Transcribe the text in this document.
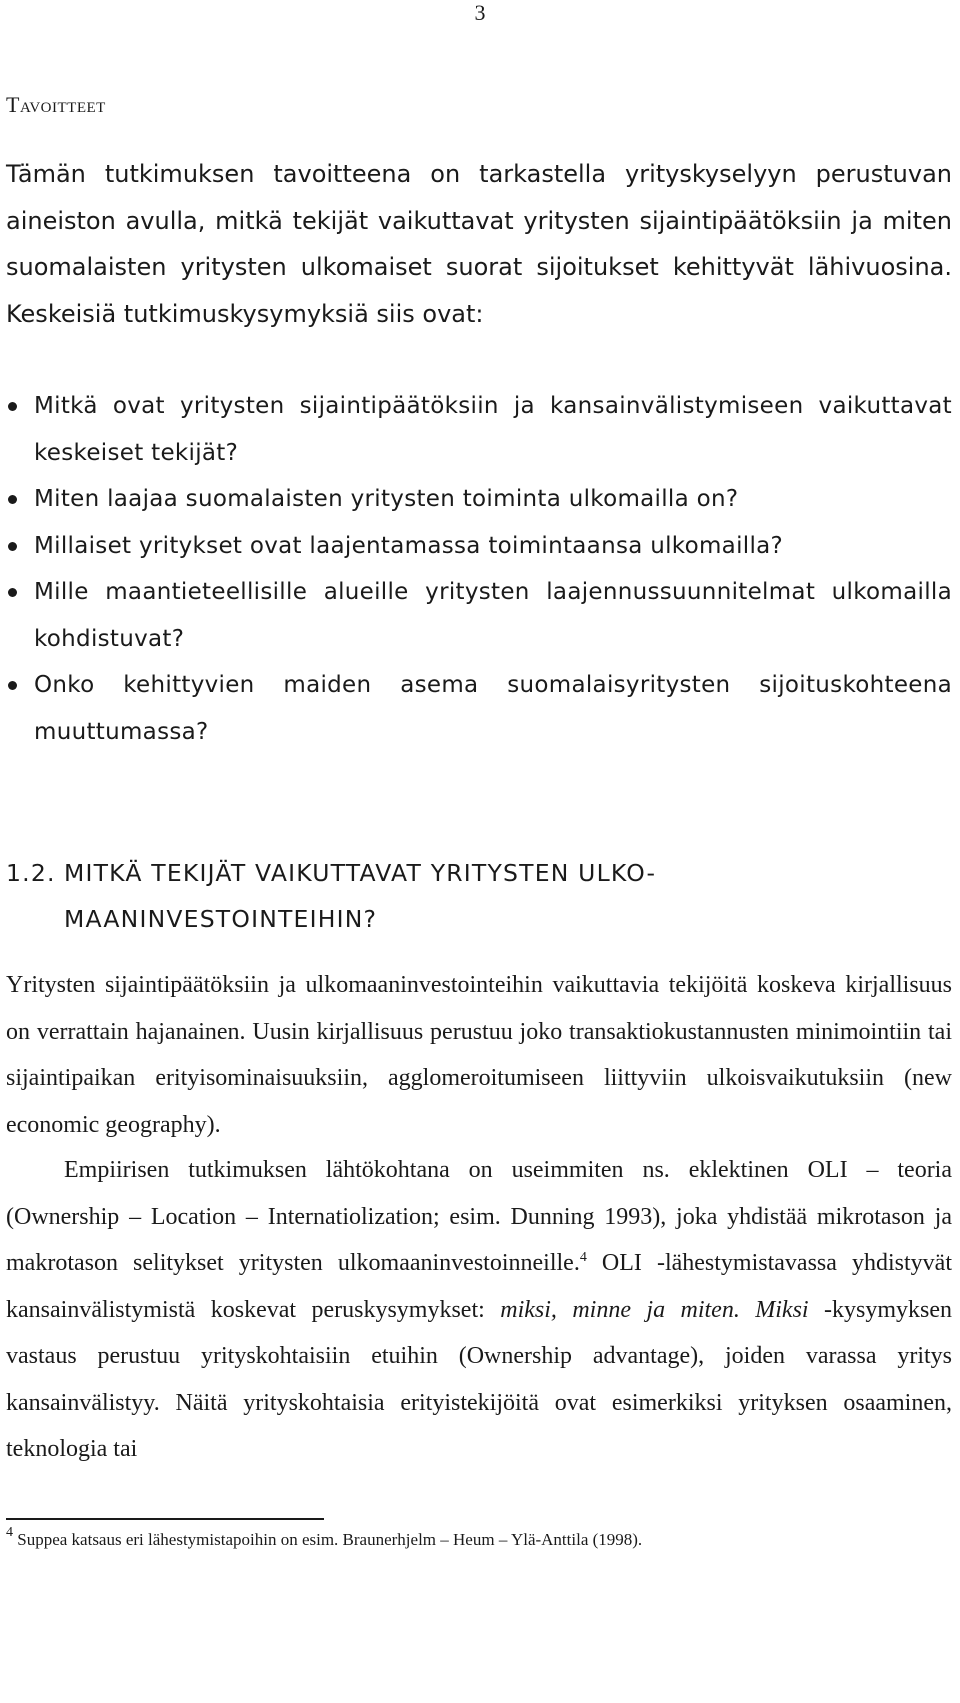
3
Tavoitteet

Tämän tutkimuksen tavoitteena on tarkastella yrityskyselyyn perustuvan aineiston avulla, mitkä tekijät vaikuttavat yritysten sijaintipäätöksiin ja miten suomalaisten yritysten ulkomaiset suorat sijoitukset kehittyvät lähivuosina. Keskeisiä tutkimuskysymyksiä siis ovat:

Mitkä ovat yritysten sijaintipäätöksiin ja kansainvälistymiseen vaikuttavat keskeiset tekijät?
Miten laajaa suomalaisten yritysten toiminta ulkomailla on?
Millaiset yritykset ovat laajentamassa toimintaansa ulkomailla?
Mille maantieteellisille alueille yritysten laajennussuunnitelmat ulkomailla kohdistuvat?
Onko kehittyvien maiden asema suomalaisyritysten sijoituskohteena muuttumassa?
1.2. MITKÄ TEKIJÄT VAIKUTTAVAT YRITYSTEN ULKO-
MAANINVESTOINTEIHIN?

Yritysten sijaintipäätöksiin ja ulkomaaninvestointeihin vaikuttavia tekijöitä koskeva kirjallisuus on verrattain hajanainen. Uusin kirjallisuus perustuu joko transaktiokustannusten minimointiin tai sijaintipaikan erityisominaisuuksiin, agglomeroitumiseen liittyviin ulkoisvaikutuksiin (new economic geography).

Empiirisen tutkimuksen lähtökohtana on useimmiten ns. eklektinen OLI – teoria (Ownership – Location – Internatiolization; esim. Dunning 1993), joka yhdistää mikrotason ja makrotason selitykset yritysten ulkomaaninvestoinneille.$^4$ OLI -lähestymistavassa yhdistyvät kansainvälistymistä koskevat peruskysymykset: miksi, minne ja miten. Miksi -kysymyksen vastaus perustuu yrityskohtaisiin etuihin (Ownership advantage), joiden varassa yritys kansainvälistyy. Näitä yrityskohtaisia erityistekijöitä ovat esimerkiksi yrityksen osaaminen, teknologia tai

$^4$ Suppea katsaus eri lähestymistapoihin on esim. Braunerhjelm – Heum – Ylä-Anttila (1998).
